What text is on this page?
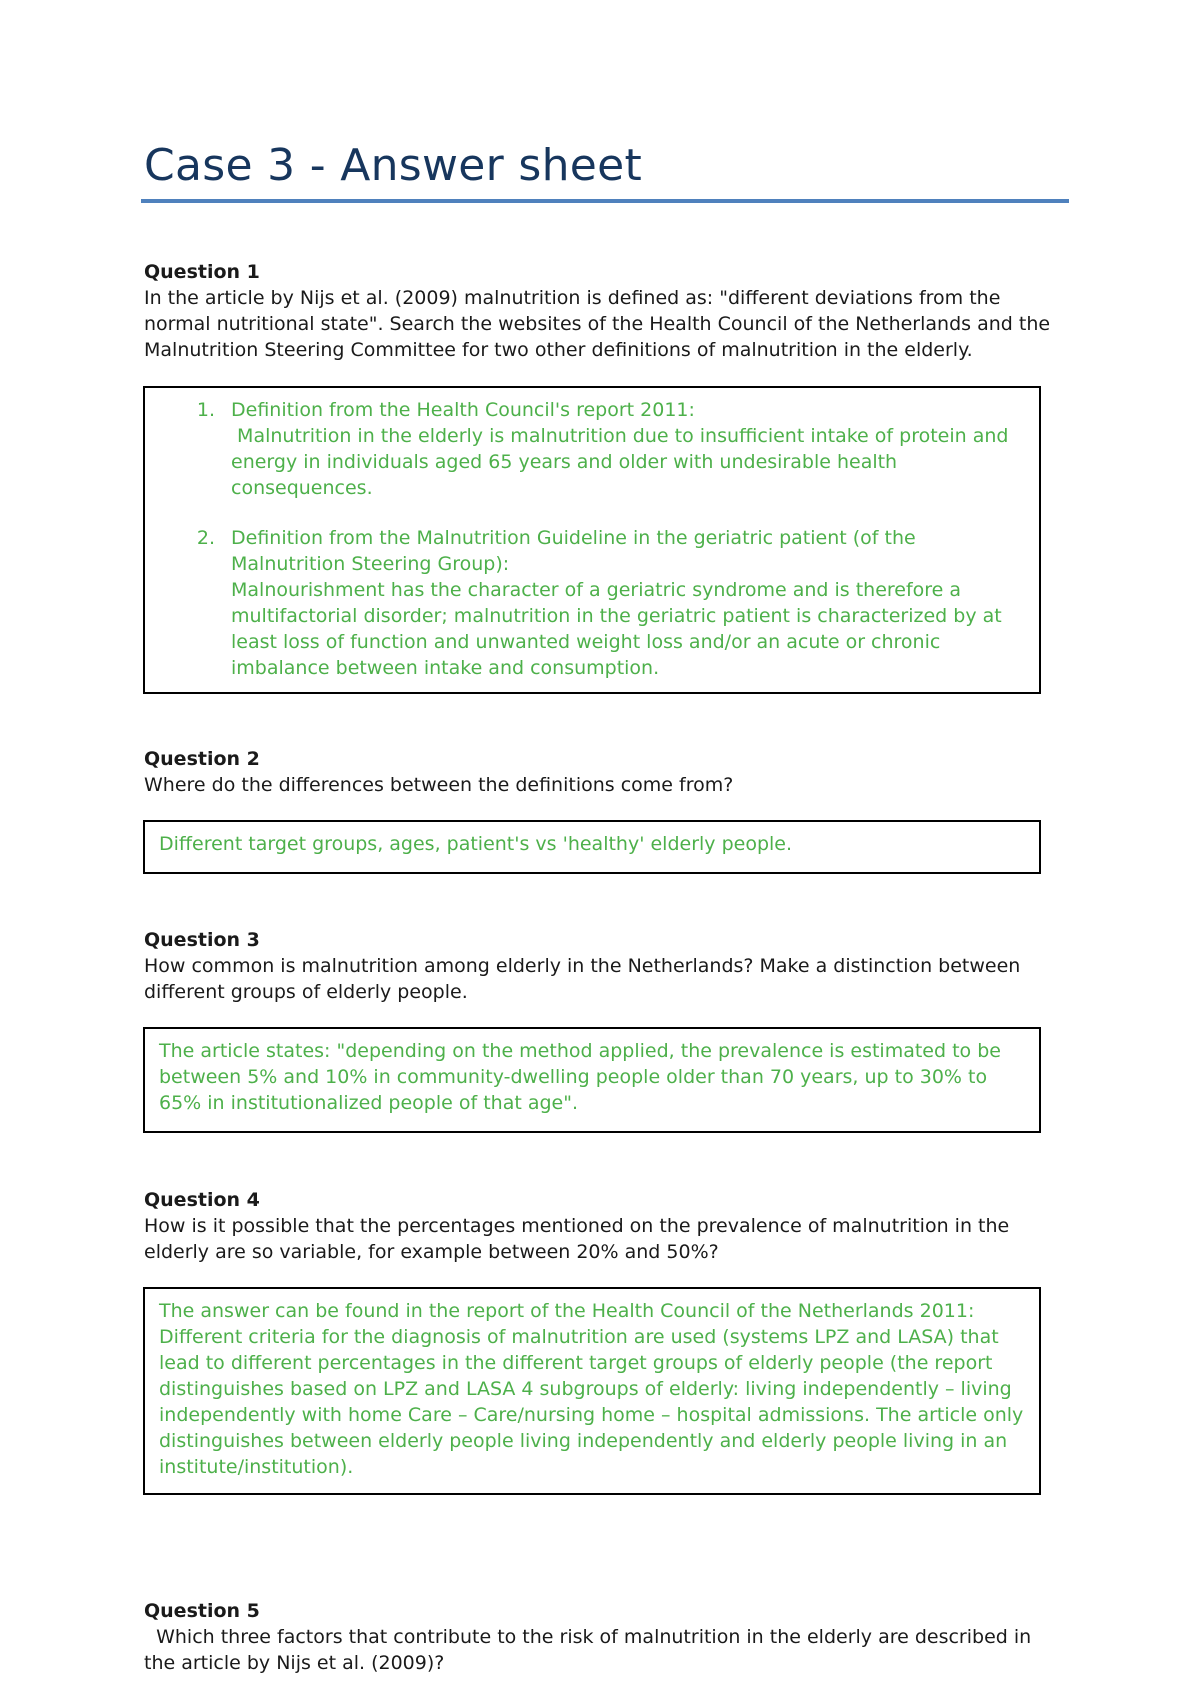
Case 3 - Answer sheet
Question 1
In the article by Nijs et al. (2009) malnutrition is defined as: "different deviations from the normal nutritional state". Search the websites of the Health Council of the Netherlands and the Malnutrition Steering Committee for two other definitions of malnutrition in the elderly.
1. Definition from the Health Council's report 2011:
Malnutrition in the elderly is malnutrition due to insufficient intake of protein and energy in individuals aged 65 years and older with undesirable health consequences.
2. Definition from the Malnutrition Guideline in the geriatric patient (of the Malnutrition Steering Group):
Malnourishment has the character of a geriatric syndrome and is therefore a multifactorial disorder; malnutrition in the geriatric patient is characterized by at least loss of function and unwanted weight loss and/or an acute or chronic imbalance between intake and consumption.
Question 2
Where do the differences between the definitions come from?

Different target groups, ages, patient's vs 'healthy' elderly people.

Question 3
How common is malnutrition among elderly in the Netherlands? Make a distinction between different groups of elderly people.

The article states: "depending on the method applied, the prevalence is estimated to be between 5% and 10% in community-dwelling people older than 70 years, up to 30% to 65% in institutionalized people of that age".

Question 4
How is it possible that the percentages mentioned on the prevalence of malnutrition in the elderly are so variable, for example between 20% and 50%?

The answer can be found in the report of the Health Council of the Netherlands 2011: Different criteria for the diagnosis of malnutrition are used (systems LPZ and LASA) that lead to different percentages in the different target groups of elderly people (the report distinguishes based on LPZ and LASA 4 subgroups of elderly: living independently – living independently with home Care – Care/nursing home – hospital admissions. The article only distinguishes between elderly people living independently and elderly people living in an institute/institution).

Question 5
Which three factors that contribute to the risk of malnutrition in the elderly are described in the article by Nijs et al. (2009)?
